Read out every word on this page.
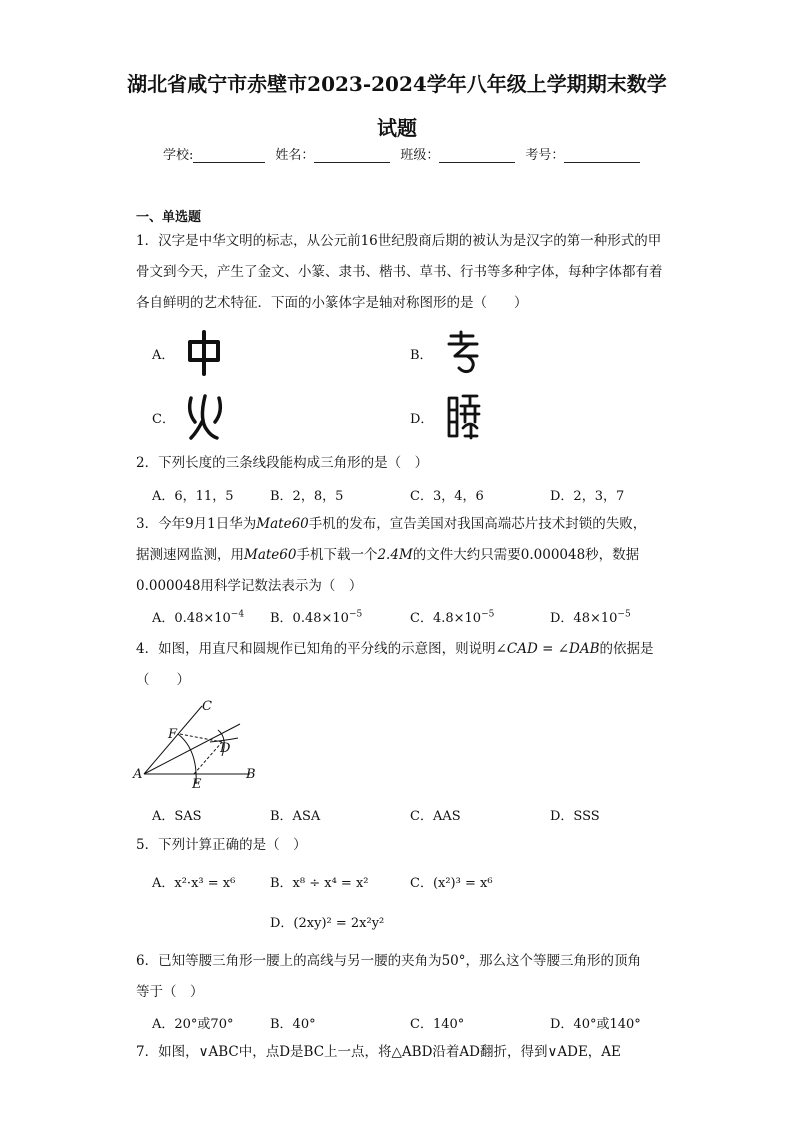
湖北省咸宁市赤壁市2023-2024学年八年级上学期期末数学
试题
学校:	姓名：	班级：	考号：
一、单选题
1．汉字是中华文明的标志，从公元前16世纪殷商后期的被认为是汉字的第一种形式的甲骨文到今天，产生了金文、小篆、隶书、楷书、草书、行书等多种字体，每种字体都有着各自鲜明的艺术特征．下面的小篆体字是轴对称图形的是（　　）
A．	B．
C．	D．
2．下列长度的三条线段能构成三角形的是（　）
A．6，11，5	B．2，8，5	C．3，4，6	D．2，3，7
3．今年9月1日华为Mate60手机的发布，宣告美国对我国高端芯片技术封锁的失败，
据测速网监测，用Mate60手机下载一个2.4M的文件大约只需要0.000048秒，数据
0.000048用科学记数法表示为（　）
A．$0.48\times 10^{-4}$	B．$0.48\times 10^{-5}$	C．$4.8\times 10^{-5}$	D．$48\times 10^{-5}$
4．如图，用直尺和圆规作已知角的平分线的示意图，则说明∠CAD = ∠DAB的依据是
（　　）
C
F
D
A
E
B
A．SAS	B．ASA	C．AAS	D．SSS
5．下列计算正确的是（　）
A．x²·x³ = x⁶	B．x⁸ ÷ x⁴ = x²	C．(x²)³ = x⁶
D．(2xy)² = 2x²y²
6．已知等腰三角形一腰上的高线与另一腰的夹角为50°，那么这个等腰三角形的顶角
等于（　）
A．20°或70°	B．40°	C．140°	D．40°或140°
7．如图，∨ABC中，点D是BC上一点，将△ABD沿着AD翻折，得到∨ADE，AE
